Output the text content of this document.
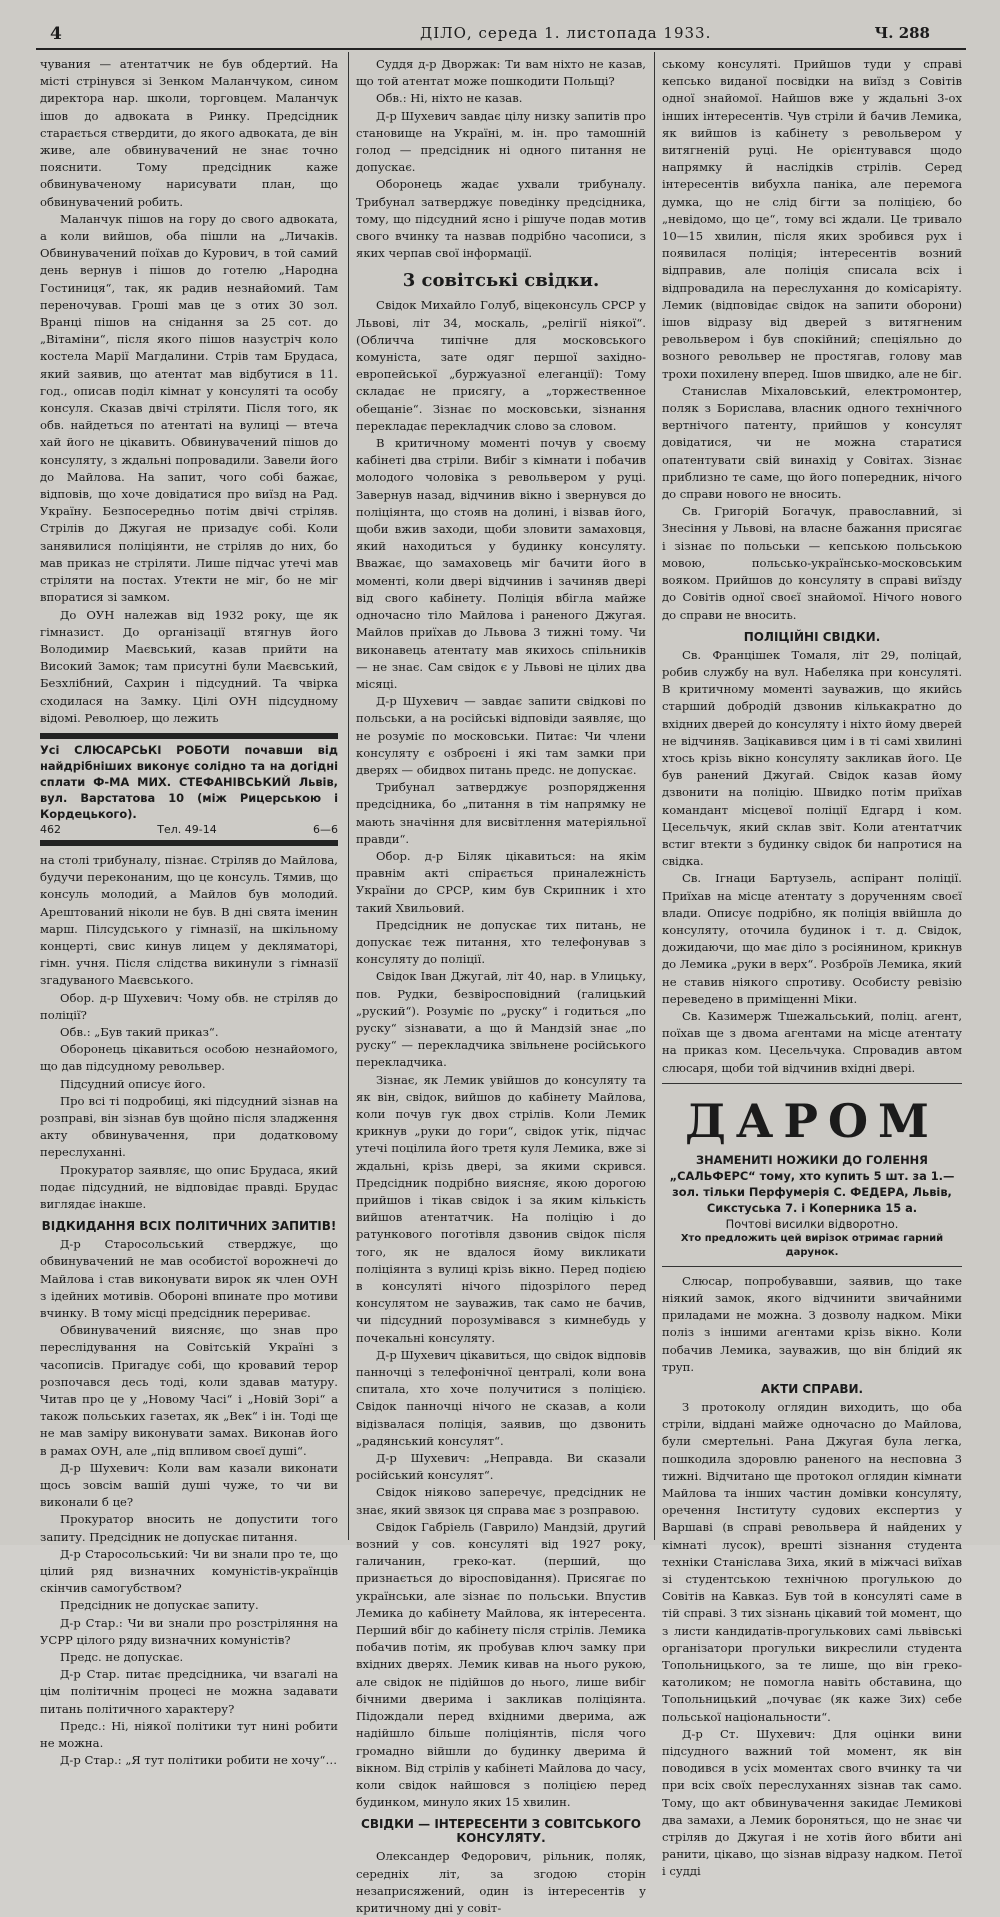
4	ДІЛО, середа 1. листопада 1933.	Ч. 288

чувания — атентатчик не був обдертий. На місті стрінувся зі Зенком Маланчуком, сином директора нар. школи, торговцем. Маланчук ішов до адвоката в Ринку. Предсідник старається ствердити, до якого адвоката, де він живе, але обвинувачений не знає точно пояснити. Тому предсідник каже обвинуваченому нарисувати план, що обвинувачений робить.

Маланчук пішов на гору до свого адвоката, а коли вийшов, оба пішли на „Личаків. Обвинувачений поїхав до Курович, в той самий день вернув і пішов до готелю „Народна Гостиниця“, так, як радив незнайомий. Там переночував. Гроші мав це з отих 30 зол. Вранці пішов на снідання за 25 сот. до „Вітаміни“, після якого пішов назустріч коло костела Марії Магдалини. Стрів там Брудаса, який заявив, що атентат мав відбутися в 11. год., описав поділ кімнат у консуляті та особу консуля. Сказав двічі стріляти. Після того, як обв. найдеться по атентаті на вулиці — втеча хай його не цікавить. Обвинувачений пішов до консуляту, з ждальні попровадили. Завели його до Майлова. На запит, чого собі бажає, відповів, що хоче довідатися про виїзд на Рад. Україну. Безпосередньо потім двічі стріляв. Стрілів до Джугая не призадує собі. Коли занявилися поліціянти, не стріляв до них, бо мав приказ не стріляти. Лише підчас утечі мав стріляти на постах. Утекти не міг, бо не міг впоратися зі замком.

До ОУН належав від 1932 року, ще як гімназист. До організації втягнув його Володимир Маєвський, казав прийти на Високий Замок; там присутні були Маєвський, Безхлібний, Сахрин і підсудний. Та чвірка сходилася на Замку. Цілі ОУН підсудному відомі. Революер, що лежить

Усі СЛЮСАРСЬКІ РОБОТИ почавши від найдрібніших виконує солідно та на догідні сплати Ф-МА МИХ. СТЕФАНІВСЬКИЙ Львів, вул. Варстатова 10 (між Рицерською і Кордецького).

462	Тел. 49-14	6—6

на столі трибуналу, пізнає. Стріляв до Майлова, будучи переконаним, що це консуль. Тямив, що консуль молодий, а Майлов був молодий. Арештований ніколи не був. В дні свята іменин марш. Пілсудського у гімназії, на шкільному концерті, свис кинув лицем у декляматорі, гімн. учня. Після слідства викинули з гімназії згадуваного Маєвського.

Обор. д-р Шухевич: Чому обв. не стріляв до поліції?

Обв.: „Був такий приказ“.

Оборонець цікавиться особою незнайомого, що дав підсудному револьвер.

Підсудний описує його.

Про всі ті подробиці, які підсудний зізнав на розправі, він зізнав був щойно після зладження акту обвинувачення, при додатковому переслуханні.

Прокуратор заявляє, що опис Брудаса, який подає підсудний, не відповідає правді. Брудас виглядає інакше.

ВІДКИДАННЯ ВСІХ ПОЛІТИЧНИХ ЗАПИТІВ!

Д-р Старосольський стверджує, що обвинувачений не мав особистої ворожнечі до Майлова і став виконувати вирок як член ОУН з ідейних мотивів. Обороні впинате про мотиви вчинку. В тому місці предсідник перериває.

Обвинувачений виясняє, що знав про переслідування на Совітській Україні з часописів. Пригадує собі, що кровавий терор розпочався десь тоді, коли здавав матуру. Читав про це у „Новому Часі“ і „Новій Зорі“ а також польських газетах, як „Век“ і ін. Тоді ще не мав заміру виконувати замах. Виконав його в рамах ОУН, але „під впливом своєї душі“.

Д-р Шухевич: Коли вам казали виконати щось зовсім вашій душі чуже, то чи ви виконали б це?

Прокуратор вносить не допустити того запиту. Предсідник не допускає питання.

Д-р Старосольський: Чи ви знали про те, що цілий ряд визначних комуністів-українців скінчив самогубством?

Предсідник не допускає запиту.

Д-р Стар.: Чи ви знали про розстріляння на УСРР цілого ряду визначних комуністів?

Предс. не допускає.

Д-р Стар. питає предсідника, чи взагалі на цім політичнім процесі не можна задавати питань політичного характеру?

Предс.: Ні, ніякої політики тут нині робити не можна.

Д-р Стар.: „Я тут політики робити не хочу“…

Суддя д-р Дворжак: Ти вам ніхто не казав, що той атентат може пошкодити Польщі?

Обв.: Ні, ніхто не казав.

Д-р Шухевич завдає цілу низку запитів про становище на Україні, м. ін. про тамошній голод — предсідник ні одного питання не допускає.

Оборонець жадає ухвали трибуналу. Трибунал затверджує поведінку предсідника, тому, що підсудний ясно і рішуче подав мотив свого вчинку та назвав подрібно часописи, з яких черпав свої інформації.

3 совітські свідки.

Свідок Михайло Голуб, віцеконсуль СРСР у Львові, літ 34, москаль, „релігії ніякої“. (Обличча типічне для московського комуніста, зате одяг першої західно-европейської „буржуазної елеганції): Тому складає не присягу, а „торжественное обещаніе“. Зізнає по московськи, зізнання перекладає перекладчик слово за словом.

В критичному моменті почув у своєму кабінеті два стріли. Вибіг з кімнати і побачив молодого чоловіка з револьвером у руці. Завернув назад, відчинив вікно і звернувся до поліціянта, що стояв на долині, і візвав його, щоби вжив заходи, щоби зловити замаховця, який находиться у будинку консуляту. Вважає, що замаховець міг бачити його в моменті, коли двері відчинив і зачиняв двері від свого кабінету. Поліція вбігла майже одночасно тіло Майлова і раненого Джугая. Майлов приїхав до Львова 3 тижні тому. Чи виконавець атентату мав якихось спільників — не знає. Сам свідок є у Львові не цілих два місяці.

Д-р Шухевич — завдає запити свідкові по польськи, а на російські відповіди заявляє, що не розуміє по московськи. Питає: Чи члени консуляту є озброєні і які там замки при дверях — обидвох питань предс. не допускає.

Трибунал затверджує розпорядження предсідника, бо „питання в тім напрямку не мають значіння для висвітлення матеріяльної правди“.

Обор. д-р Біляк цікавиться: на якім правнім акті спірається приналежність України до СРСР, ким був Скрипник і хто такий Хвильовий.

Предсідник не допускає тих питань, не допускає теж питання, хто телефонував з консуляту до поліції.

Свідок Іван Джугай, літ 40, нар. в Улицьку, пов. Рудки, безвіросповідний (галицький „руский“). Розуміє по „руску“ і годиться „по руску“ зізнавати, а що й Мандзій знає „по руску“ — перекладчика звільнене російського перекладчика.

Зізнає, як Лемик увійшов до консуляту та як він, свідок, вийшов до кабінету Майлова, коли почув гук двох стрілів. Коли Лемик крикнув „руки до гори“, свідок утік, підчас утечі поцілила його третя куля Лемика, вже зі ждальні, крізь двері, за якими скрився. Предсідник подрібно виясняє, якою дорогою прийшов і тікав свідок і за яким кількість вийшов атентатчик. На поліцію і до ратункового поготівля дзвонив свідок після того, як не вдалося йому викликати поліціянта з вулиці крізь вікно. Перед подією в консуляті нічого підозрілого перед консулятом не зауважив, так само не бачив, чи підсудний порозумівався з кимнебудь у почекальні консуляту.

Д-р Шухевич цікавиться, що свідок відповів панночці з телефонічної централі, коли вона спитала, хто хоче получитися з поліцією. Свідок панночці нічого не сказав, а коли відізвалася поліція, заявив, що дзвонить „радянський консулят“.

Д-р Шухевич: „Неправда. Ви сказали російський консулят“.

Свідок ніяково заперечує, предсідник не знає, який звязок ця справа має з розправою.

Свідок Габріель (Гаврило) Мандзій, другий возний у сов. консуляті від 1927 року, галичанин, греко-кат. (перший, що признається до віросповідання). Присягає по українськи, але зізнає по польськи. Впустив Лемика до кабінету Майлова, як інтересента. Перший вбіг до кабінету після стрілів. Лемика побачив потім, як пробував ключ замку при вхідних дверях. Лемик кивав на нього рукою, але свідок не підійшов до нього, лише вибіг бічними дверима і закликав поліціянта. Підождали перед вхідними дверима, аж надійшло більше поліціянтів, після чого громадно війшли до будинку дверима й вікном. Від стрілів у кабінеті Майлова до часу, коли свідок найшовся з поліцією перед будинком, минуло яких 15 хвилин.

СВІДКИ — ІНТЕРЕСЕНТИ З СОВІТСЬКОГО КОНСУЛЯТУ.

Олександер Федорович, рільник, поляк, середніх літ, за згодою сторін незаприсяжений, один із інтересентів у критичному дні у совіт-

ському консуляті. Прийшов туди у справі кепсько виданої посвідки на виїзд з Совітів одної знайомої. Найшов вже у ждальні 3-ох інших інтересентів. Чув стріли й бачив Лемика, як вийшов із кабінету з револьвером у витягненій руці. Не орієнтувався щодо напрямку й наслідків стрілів. Серед інтересентів вибухла паніка, але перемога думка, що не слід бігти за поліцією, бо „невідомо, що це“, тому всі ждали. Це тривало 10—15 хвилин, після яких зробився рух і появилася поліція; інтересентів возний відправив, але поліція списала всіх і відпровадила на переслухання до комісаріяту. Лемик (відповідає свідок на запити оборони) ішов відразу від дверей з витягненим револьвером і був спокійний; спеціяльно до возного револьвер не простягав, голову мав трохи похилену вперед. Ішов швидко, але не біг.

Станислав Міхаловський, електромонтер, поляк з Борислава, власник одного технічного вертнічого патенту, прийшов у консулят довідатися, чи не можна старатися опатентувати свій винахід у Совітах. Зізнає приблизно те саме, що його попередник, нічого до справи нового не вносить.

Св. Григорій Богачук, православний, зі Знесіння у Львові, на власне бажання присягає і зізнає по польськи — кепською польською мовою, польсько-українсько-московським вояком. Прийшов до консуляту в справі виїзду до Совітів одної своєї знайомої. Нічого нового до справи не вносить.

ПОЛІЦІЙНІ СВІДКИ.

Св. Францішек Томаля, літ 29, поліцай, робив службу на вул. Набеляка при консуляті. В критичному моменті зауважив, що якийсь старший добродій дзвонив кількакратно до вхідних дверей до консуляту і ніхто йому дверей не відчиняв. Зацікавився цим і в ті самі хвилині хтось крізь вікно консуляту закликав його. Це був ранений Джугай. Свідок казав йому дзвонити на поліцію. Швидко потім приїхав командант місцевої поліції Едгард і ком. Цесельчук, який склав звіт. Коли атентатчик встиг втекти з будинку свідок би напротися на свідка.

Св. Ігнаци Бартузель, аспірант поліції. Приїхав на місце атентату з дорученням своєї влади. Описує подрібно, як поліція ввійшла до консуляту, оточила будинок і т. д. Свідок, дожидаючи, що має діло з росіянином, крикнув до Лемика „руки в верх“. Розброїв Лемика, який не ставив ніякого спротиву. Особисту ревізію переведено в приміщенні Міки.

Св. Казимерж Тшежальський, поліц. агент, поїхав ще з двома агентами на місце атентату на приказ ком. Цесельчука. Спровадив автом слюсаря, щоби той відчинив вхідні двері.

ДАРОМ

ЗНАМЕНИТІ НОЖИКИ ДО ГОЛЕННЯ „САЛЬФЕРС“ тому, хто купить 5 шт. за 1.— зол. тільки Перфумерія С. ФЕДЕРА, Львів, Сикстуська 7. і Коперника 15 а.

Почтові висилки відворотно.

Хто предложить цей вирізок отримає гарний дарунок.

Слюсар, попробувавши, заявив, що таке ніякий замок, якого відчинити звичайними приладами не можна. З дозволу надком. Міки поліз з іншими агентами крізь вікно. Коли побачив Лемика, зауважив, що він блідий як труп.

АКТИ СПРАВИ.

З протоколу оглядин виходить, що оба стріли, віддані майже одночасно до Майлова, були смертельні. Рана Джугая була легка, пошкодила здоровлю раненого на несповна 3 тижні. Відчитано ще протокол оглядин кімнати Майлова та інших частин домівки консуляту, оречення Інституту судових експертиз у Варшаві (в справі револьвера й найдених у кімнаті лусок), врешті зізнання студента техніки Станіслава Зиха, який в міжчасі виїхав зі студентською технічною прогулькою до Совітів на Кавказ. Був той в консуляті саме в тій справі. З тих зізнань цікавий той момент, що з листи кандидатів-прогулькових самі львівські організатори прогульки викреслили студента Топольницького, за те лише, що він греко-католиком; не помогла навіть обставина, що Топольницький „почуває (як каже Зих) себе польської національности“.

Д-р Ст. Шухевич: Для оцінки вини підсудного важний той момент, як він поводився в усіх моментах свого вчинку та чи при всіх своїх переслуханнях зізнав так само. Тому, що акт обвинувачення закидає Лемикові два замахи, а Лемик бороняться, що не знає чи стріляв до Джугая і не хотів його вбити ані ранити, цікаво, що зізнав відразу надком. Петої і судді
